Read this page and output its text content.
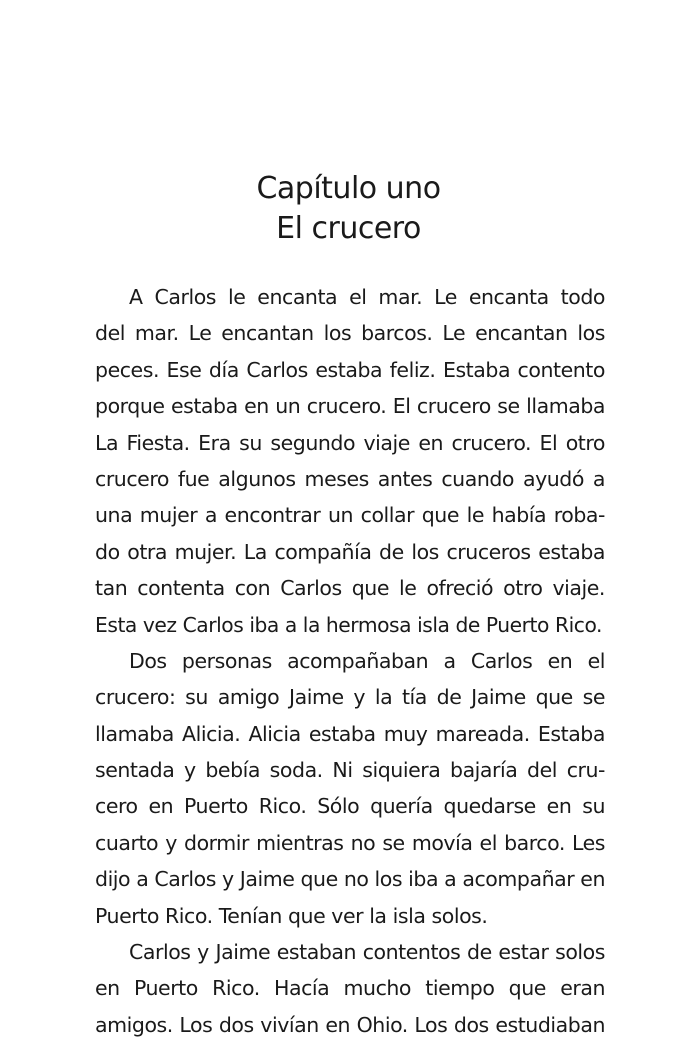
Capítulo uno
El crucero
A Carlos le encanta el mar. Le encanta todo
del mar. Le encantan los barcos. Le encantan los
peces. Ese día Carlos estaba feliz. Estaba contento
porque estaba en un crucero. El crucero se llamaba
La Fiesta. Era su segundo viaje en crucero. El otro
crucero fue algunos meses antes cuando ayudó a
una mujer a encontrar un collar que le había roba-
do otra mujer. La compañía de los cruceros estaba
tan contenta con Carlos que le ofreció otro viaje.
Esta vez Carlos iba a la hermosa isla de Puerto Rico.
Dos personas acompañaban a Carlos en el
crucero: su amigo Jaime y la tía de Jaime que se
llamaba Alicia. Alicia estaba muy mareada. Estaba
sentada y bebía soda. Ni siquiera bajaría del cru-
cero en Puerto Rico. Sólo quería quedarse en su
cuarto y dormir mientras no se movía el barco. Les
dijo a Carlos y Jaime que no los iba a acompañar en
Puerto Rico. Tenían que ver la isla solos.
Carlos y Jaime estaban contentos de estar solos
en Puerto Rico. Hacía mucho tiempo que eran
amigos. Los dos vivían en Ohio. Los dos estudiaban
